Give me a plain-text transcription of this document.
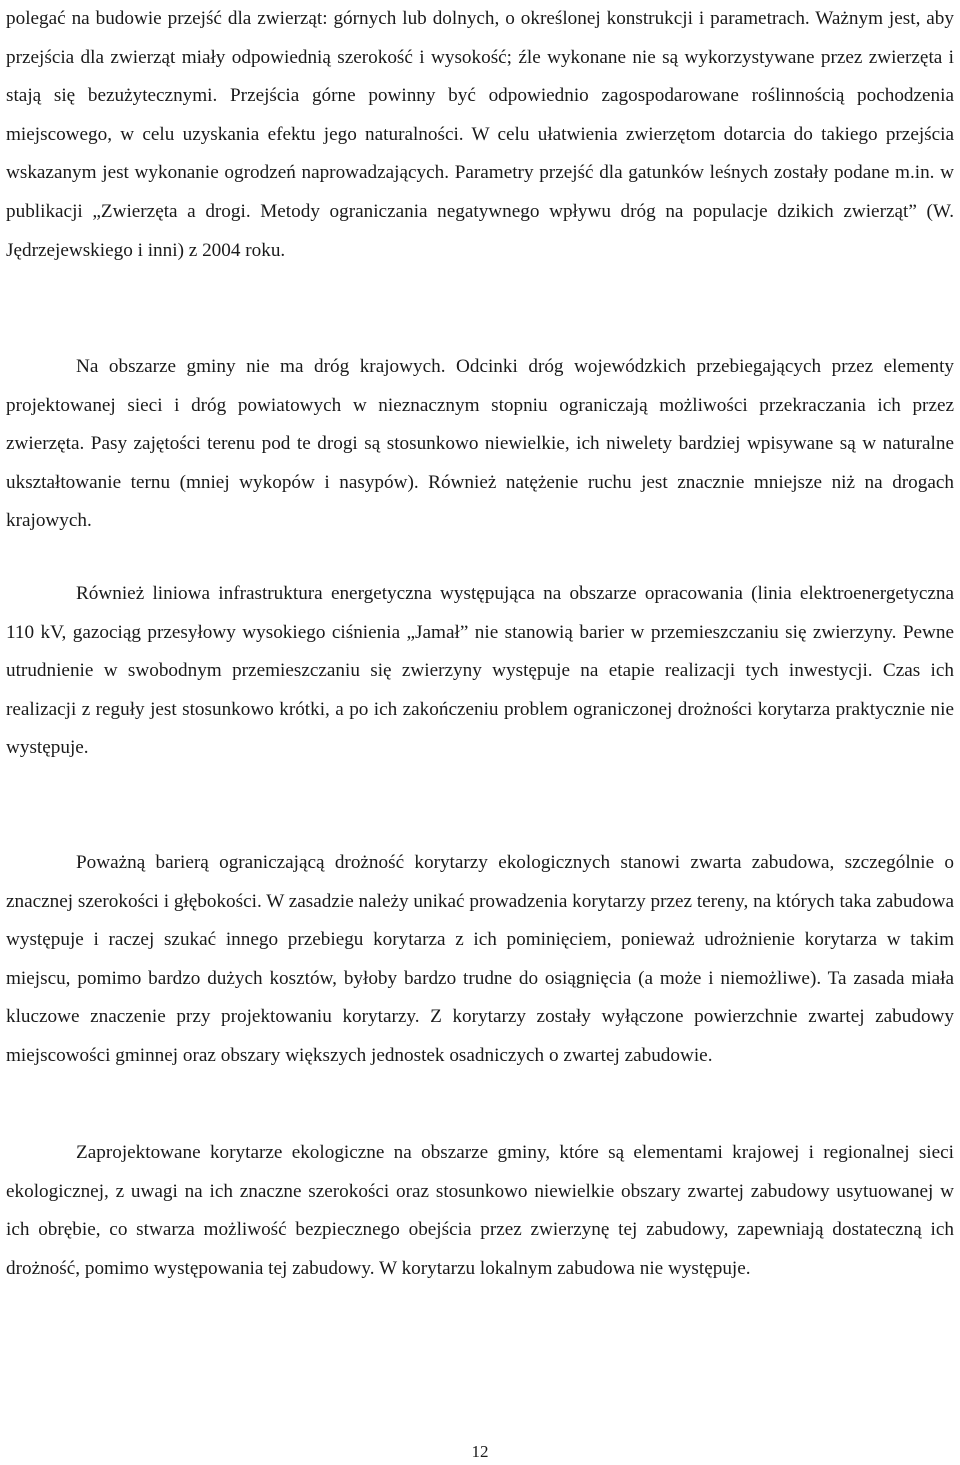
polegać na budowie przejść dla zwierząt: górnych lub dolnych, o określonej konstrukcji i parametrach. Ważnym jest, aby przejścia dla zwierząt miały odpowiednią szerokość i wysokość; źle wykonane nie są wykorzystywane przez zwierzęta i stają się bezużytecznymi. Przejścia górne powinny być odpowiednio zagospodarowane roślinnością pochodzenia miejscowego, w celu uzyskania efektu jego naturalności. W celu ułatwienia zwierzętom dotarcia do takiego przejścia wskazanym jest wykonanie ogrodzeń naprowadzających. Parametry przejść dla gatunków leśnych zostały podane m.in. w publikacji „Zwierzęta a drogi. Metody ograniczania negatywnego wpływu dróg na populacje dzikich zwierząt” (W. Jędrzejewskiego i inni) z 2004 roku.

Na obszarze gminy nie ma dróg krajowych. Odcinki dróg wojewódzkich przebiegających przez elementy projektowanej sieci i dróg powiatowych w nieznacznym stopniu ograniczają możliwości przekraczania ich przez zwierzęta. Pasy zajętości terenu pod te drogi są stosunkowo niewielkie, ich niwelety bardziej wpisywane są w naturalne ukształtowanie ternu (mniej wykopów i nasypów). Również natężenie ruchu jest znacznie mniejsze niż na drogach krajowych.

Również liniowa infrastruktura energetyczna występująca na obszarze opracowania (linia elektroenergetyczna 110 kV, gazociąg przesyłowy wysokiego ciśnienia „Jamał” nie stanowią barier w przemieszczaniu się zwierzyny. Pewne utrudnienie w swobodnym przemieszczaniu się zwierzyny występuje na etapie realizacji tych inwestycji. Czas ich realizacji z reguły jest stosunkowo krótki, a po ich zakończeniu problem ograniczonej drożności korytarza praktycznie nie występuje.

Poważną barierą ograniczającą drożność korytarzy ekologicznych stanowi zwarta zabudowa, szczególnie o znacznej szerokości i głębokości. W zasadzie należy unikać prowadzenia korytarzy przez tereny, na których taka zabudowa występuje i raczej szukać innego przebiegu korytarza z ich pominięciem, ponieważ udrożnienie korytarza w takim miejscu, pomimo bardzo dużych kosztów, byłoby bardzo trudne do osiągnięcia (a może i niemożliwe). Ta zasada miała kluczowe znaczenie przy projektowaniu korytarzy. Z korytarzy zostały wyłączone powierzchnie zwartej zabudowy miejscowości gminnej oraz obszary większych jednostek osadniczych o zwartej zabudowie.

Zaprojektowane korytarze ekologiczne na obszarze gminy, które są elementami krajowej i regionalnej sieci ekologicznej, z uwagi na ich znaczne szerokości oraz stosunkowo niewielkie obszary zwartej zabudowy usytuowanej w ich obrębie, co stwarza możliwość bezpiecznego obejścia przez zwierzynę tej zabudowy, zapewniają dostateczną ich drożność, pomimo występowania tej zabudowy. W korytarzu lokalnym zabudowa nie występuje.

12
